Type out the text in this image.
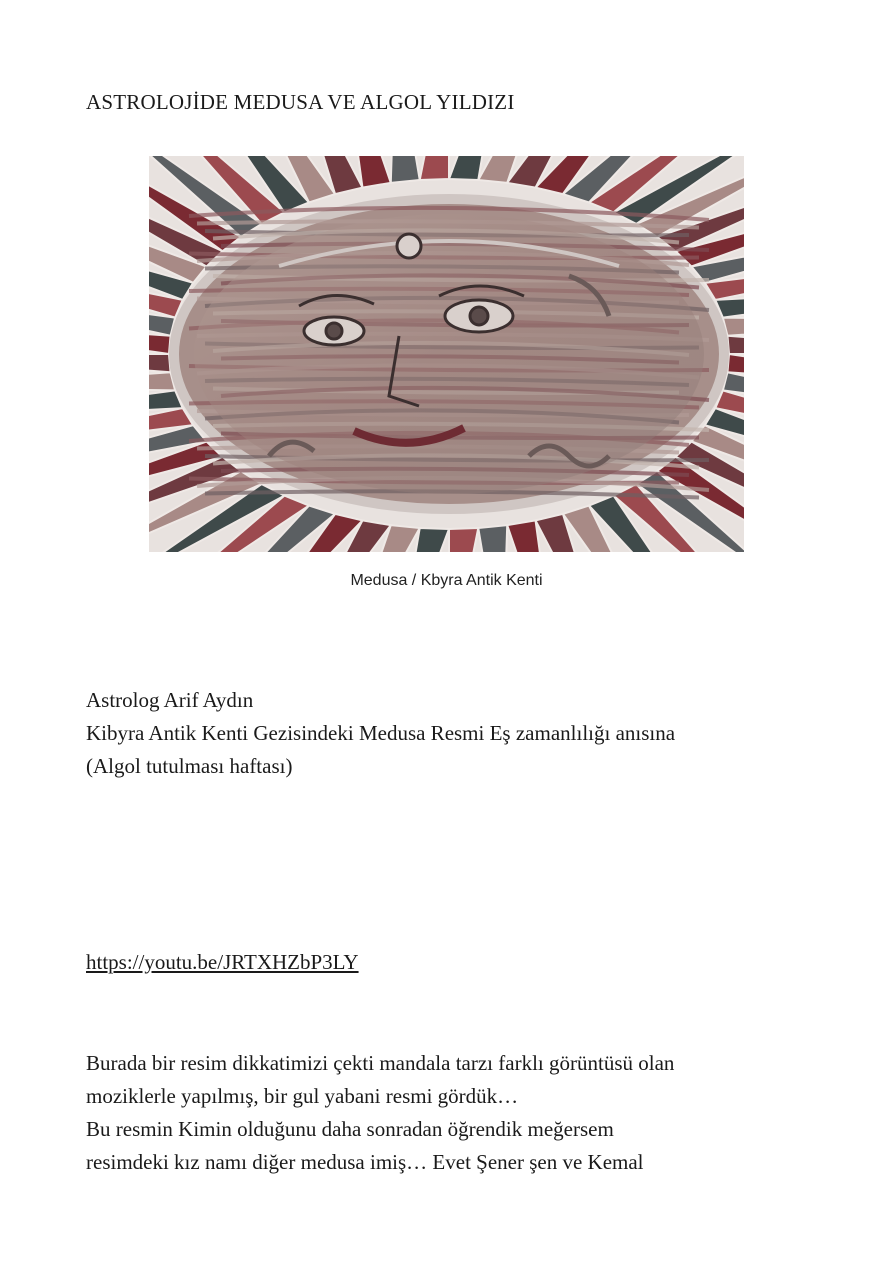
ASTROLOJİDE MEDUSA VE ALGOL YILDIZI
Medusa / Kbyra Antik Kenti
Astrolog Arif Aydın
Kibyra Antik Kenti Gezisindeki Medusa Resmi Eş zamanlılığı anısına
(Algol tutulması haftası)
https://youtu.be/JRTXHZbP3LY
Burada bir resim dikkatimizi çekti mandala tarzı farklı görüntüsü olan
moziklerle yapılmış, bir gul yabani resmi gördük…
Bu resmin Kimin olduğunu daha sonradan öğrendik meğersem
resimdeki kız namı diğer medusa imiş… Evet Şener şen ve Kemal
